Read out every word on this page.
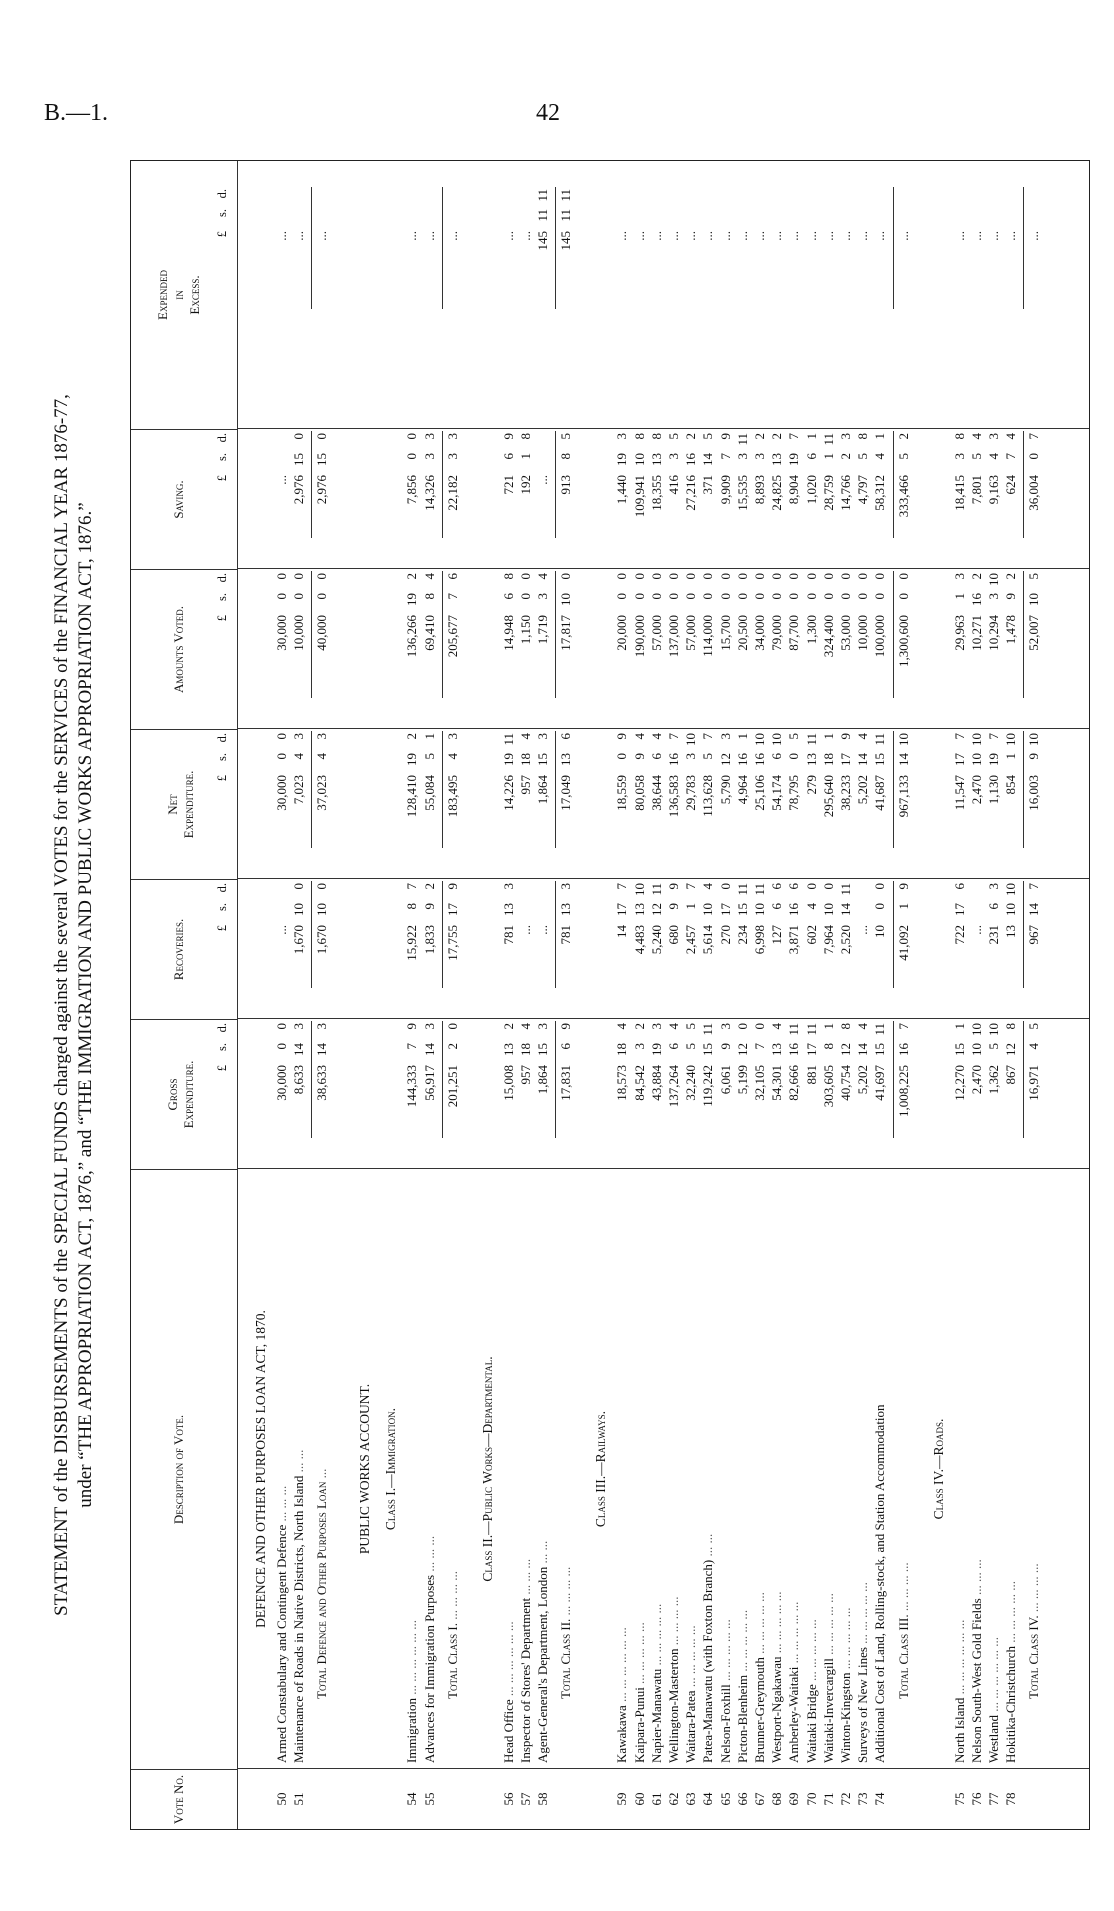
B.—1.	42
STATEMENT of the DISBURSEMENTS of the SPECIAL FUNDS charged against the several VOTES for the SERVICES of the FINANCIAL YEAR 1876-77, under “THE APPROPRIATION ACT, 1876,” and “THE IMMIGRATION AND PUBLIC WORKS APPROPRIATION ACT, 1876.”
Vote No.
Description of Vote.
Gross Expenditure.
Recoveries.
Net Expenditure.
Amounts Voted.
Saving.
Expended in Excess.
£
s.
d.
£
s.
d.
£
s.
d.
£
s.
d.
£
s.
d.
£
s.
d.
DEFENCE AND OTHER PURPOSES LOAN ACT, 1870.
50
Armed Constabulary and Contingent Defence ... ... ...
30,000
0
0
...
30,000
0
0
30,000
0
0
...
...
51
Maintenance of Roads in Native Districts, North Island ... ...
8,633
14
3
1,670
10
0
7,023
4
3
10,000
0
0
2,976
15
0
...
Total Defence and Other Purposes Loan ...
38,633
14
3
1,670
10
0
37,023
4
3
40,000
0
0
2,976
15
0
...
PUBLIC WORKS ACCOUNT. Class I.—Immigration.
54
Immigration ... ... ... ... ... ...
144,333
7
9
15,922
8
7
128,410
19
2
136,266
19
2
7,856
0
0
...
55
Advances for Immigration Purposes ... ... ...
56,917
14
3
1,833
9
2
55,084
5
1
69,410
8
4
14,326
3
3
...
Total Class I. ... ... ... ...
201,251
2
0
17,755
17
9
183,495
4
3
205,677
7
6
22,182
3
3
...
Class II.—Public Works—Departmental.
56
Head Office ... ... ... ... ... ...
15,008
13
2
781
13
3
14,226
19
11
14,948
6
8
721
6
9
...
57
Inspector of Stores' Department ... ... ...
957
18
4
...
957
18
4
1,150
0
0
192
1
8
...
58
Agent-General's Department, London ... ...
1,864
15
3
...
1,864
15
3
1,719
3
4
...
145
11
11
Total Class II. ... ... ... ...
17,831
6
9
781
13
3
17,049
13
6
17,817
10
0
913
8
5
145
11
11
Class III.—Railways.
59
Kawakawa ... ... ... ... ... ...
18,573
18
4
14
17
7
18,559
0
9
20,000
0
0
1,440
19
3
...
60
Kaipara-Punui ... ... ... ... ...
84,542
3
2
4,483
13
10
80,058
9
4
190,000
0
0
109,941
10
8
...
61
Napier-Manawatu ... ... ... ... ...
43,884
19
3
5,240
12
11
38,644
6
4
57,000
0
0
18,355
13
8
...
62
Wellington-Masterton ... ... ... ...
137,264
6
4
680
9
9
136,583
16
7
137,000
0
0
416
3
5
...
63
Waitara-Patea ... ... ... ... ...
32,240
5
5
2,457
1
7
29,783
3
10
57,000
0
0
27,216
16
2
...
64
Patea-Manawatu (with Foxton Branch) ... ...
119,242
15
11
5,614
10
4
113,628
5
7
114,000
0
0
371
14
5
...
65
Nelson-Foxhill ... ... ... ... ...
6,061
9
3
270
17
0
5,790
12
3
15,700
0
0
9,909
7
9
...
66
Picton-Blenheim ... ... ... ... ...
5,199
12
0
234
15
11
4,964
16
1
20,500
0
0
15,535
3
11
...
67
Brunner-Greymouth ... ... ... ... ...
32,105
7
0
6,998
10
11
25,106
16
10
34,000
0
0
8,893
3
2
...
68
Westport-Ngakawau ... ... ... ... ...
54,301
13
4
127
6
6
54,174
6
10
79,000
0
0
24,825
13
2
...
69
Amberley-Waitaki ... ... ... ... ...
82,666
16
11
3,871
16
6
78,795
0
5
87,700
0
0
8,904
19
7
...
70
Waitaki Bridge ... ... ... ... ...
881
17
11
602
4
0
279
13
11
1,300
0
0
1,020
6
1
...
71
Waitaki-Invercargill ... ... ... ... ...
303,605
8
1
7,964
10
0
295,640
18
1
324,400
0
0
28,759
1
11
...
72
Winton-Kingston ... ... ... ... ...
40,754
12
8
2,520
14
11
38,233
17
9
53,000
0
0
14,766
2
3
...
73
Surveys of New Lines ... ... ... ... ...
5,202
14
4
...
5,202
14
4
10,000
0
0
4,797
5
8
...
74
Additional Cost of Land, Rolling-stock, and Station Accommodation
41,697
15
11
10
0
0
41,687
15
11
100,000
0
0
58,312
4
1
...
Total Class III. ... ... ... ...
1,008,225
16
7
41,092
1
9
967,133
14
10
1,300,600
0
0
333,466
5
2
...
Class IV.—Roads.
75
North Island ... ... ... ... ... ...
12,270
15
1
722
17
6
11,547
17
7
29,963
1
3
18,415
3
8
...
76
Nelson South-West Gold Fields ... ... ...
2,470
10
10
...
2,470
10
10
10,271
16
2
7,801
5
4
...
77
Westland ... ... ... ... ... ...
1,362
5
10
231
6
3
1,130
19
7
10,294
3
10
9,163
4
3
...
78
Hokitika-Christchurch ... ... ... ... ...
867
12
8
13
10
10
854
1
10
1,478
9
2
624
7
4
...
Total Class IV. ... ... ... ...
16,971
4
5
967
14
7
16,003
9
10
52,007
10
5
36,004
0
7
...
